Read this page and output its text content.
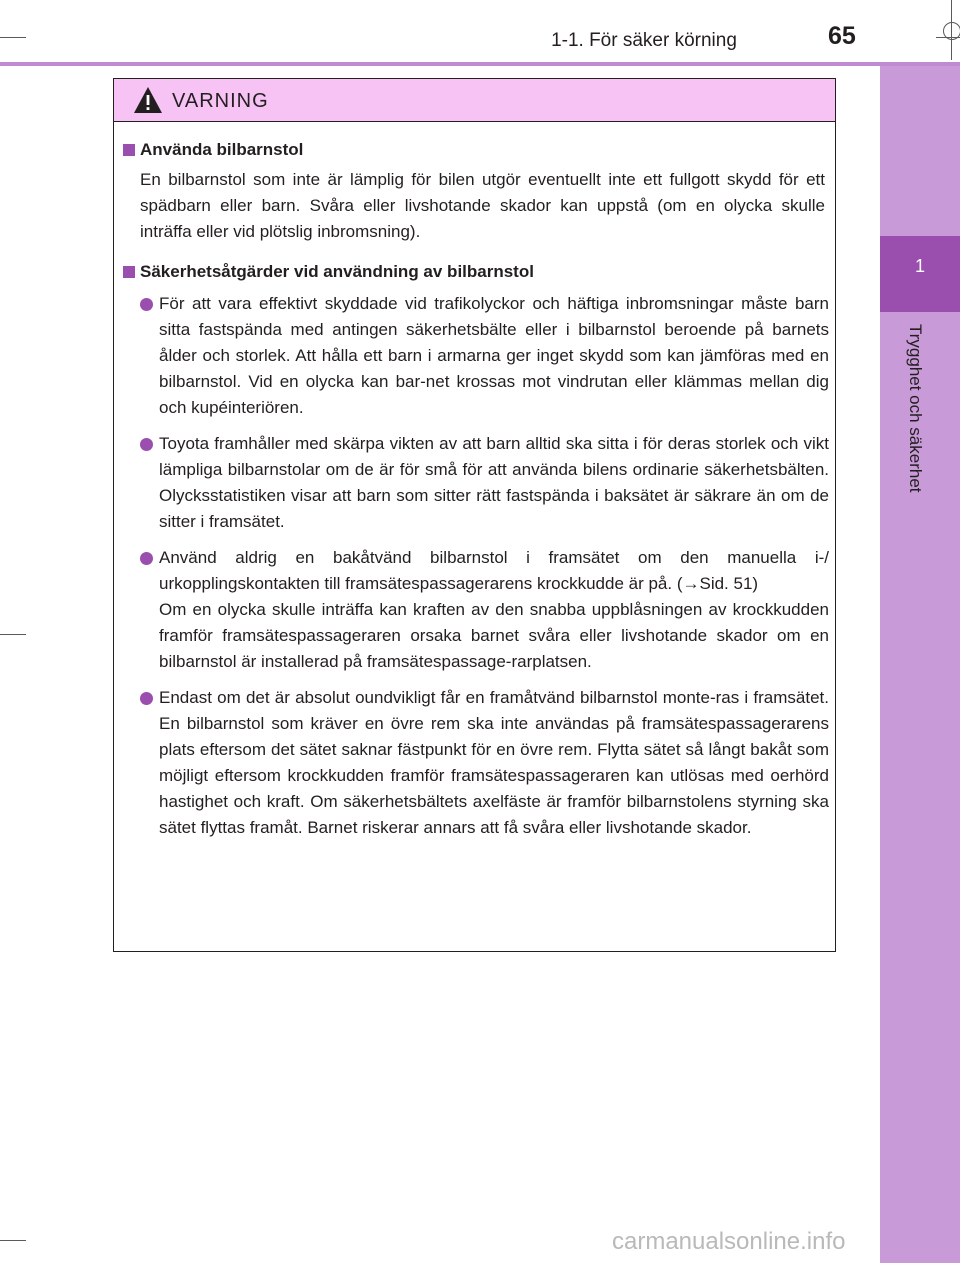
1-1. För säker körning	65
1
Trygghet och säkerhet
VARNING
Använda bilbarnstol
En bilbarnstol som inte är lämplig för bilen utgör eventuellt inte ett fullgott skydd för ett spädbarn eller barn. Svåra eller livshotande skador kan uppstå (om en olycka skulle inträffa eller vid plötslig inbromsning).
Säkerhetsåtgärder vid användning av bilbarnstol
För att vara effektivt skyddade vid trafikolyckor och häftiga inbromsningar måste barn sitta fastspända med antingen säkerhetsbälte eller i bilbarnstol beroende på barnets ålder och storlek. Att hålla ett barn i armarna ger inget skydd som kan jämföras med en bilbarnstol. Vid en olycka kan bar-net krossas mot vindrutan eller klämmas mellan dig och kupéinteriören.
Toyota framhåller med skärpa vikten av att barn alltid ska sitta i för deras storlek och vikt lämpliga bilbarnstolar om de är för små för att använda bilens ordinarie säkerhetsbälten. Olycksstatistiken visar att barn som sitter rätt fastspända i baksätet är säkrare än om de sitter i framsätet.
Använd aldrig en bakåtvänd bilbarnstol i framsätet om den manuella i-/ urkopplingskontakten till framsätespassagerarens krockkudde är på. (→Sid. 51)
Om en olycka skulle inträffa kan kraften av den snabba uppblåsningen av krockkudden framför framsätespassageraren orsaka barnet svåra eller livshotande skador om en bilbarnstol är installerad på framsätespassage-rarplatsen.
Endast om det är absolut oundvikligt får en framåtvänd bilbarnstol monte-ras i framsätet. En bilbarnstol som kräver en övre rem ska inte användas på framsätespassagerarens plats eftersom det sätet saknar fästpunkt för en övre rem. Flytta sätet så långt bakåt som möjligt eftersom krockkudden framför framsätespassageraren kan utlösas med oerhörd hastighet och kraft. Om säkerhetsbältets axelfäste är framför bilbarnstolens styrning ska sätet flyttas framåt. Barnet riskerar annars att få svåra eller livshotande skador.
carmanualsonline.info
